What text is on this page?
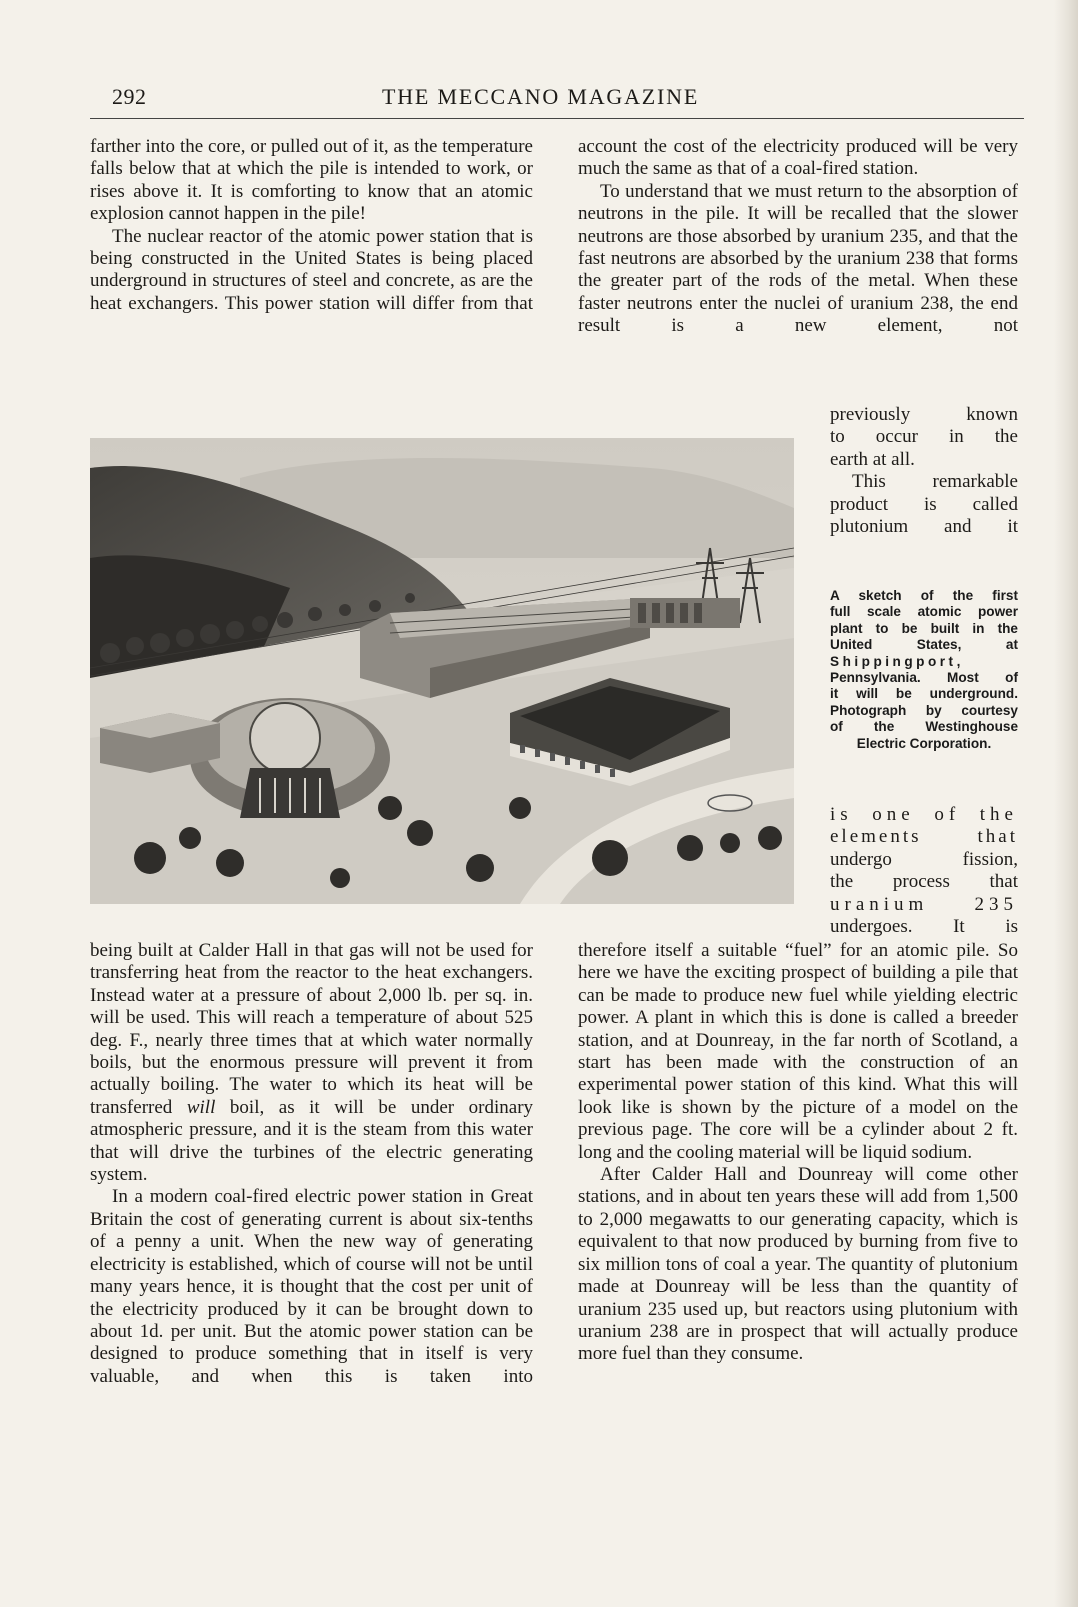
292	THE MECCANO MAGAZINE

farther into the core, or pulled out of it, as the temperature falls below that at which the pile is intended to work, or rises above it. It is comforting to know that an atomic explosion cannot happen in the pile!

The nuclear reactor of the atomic power station that is being constructed in the United States is being placed underground in structures of steel and concrete, as are the heat exchangers. This power station will differ from that

account the cost of the electricity produced will be very much the same as that of a coal-fired station.

To understand that we must return to the absorption of neutrons in the pile. It will be recalled that the slower neutrons are those absorbed by uranium 235, and that the fast neutrons are absorbed by the uranium 238 that forms the greater part of the rods of the metal. When these faster neutrons enter the nuclei of uranium 238, the end result is a new element, not

previously known
to occur in the
earth at all.
This remarkable
product is called
plutonium and it
A sketch of the first
full scale atomic power
plant to be built in the
United States, at
Shippingport,
Pennsylvania. Most of
it will be underground.
Photograph by courtesy
of the Westinghouse
Electric Corporation.
is one of the
elements that
undergo fission,
the process that
uranium 235
undergoes. It is

being built at Calder Hall in that gas will not be used for transferring heat from the reactor to the heat exchangers. Instead water at a pressure of about 2,000 lb. per sq. in. will be used. This will reach a temperature of about 525 deg. F., nearly three times that at which water normally boils, but the enormous pressure will prevent it from actually boiling. The water to which its heat will be transferred will boil, as it will be under ordinary atmospheric pressure, and it is the steam from this water that will drive the turbines of the electric generating system.

In a modern coal-fired electric power station in Great Britain the cost of generating current is about six-tenths of a penny a unit. When the new way of generating electricity is established, which of course will not be until many years hence, it is thought that the cost per unit of the electricity produced by it can be brought down to about 1d. per unit. But the atomic power station can be designed to produce something that in itself is very valuable, and when this is taken into

therefore itself a suitable “fuel” for an atomic pile. So here we have the exciting prospect of building a pile that can be made to produce new fuel while yielding electric power. A plant in which this is done is called a breeder station, and at Dounreay, in the far north of Scotland, a start has been made with the construction of an experimental power station of this kind. What this will look like is shown by the picture of a model on the previous page. The core will be a cylinder about 2 ft. long and the cooling material will be liquid sodium.

After Calder Hall and Dounreay will come other stations, and in about ten years these will add from 1,500 to 2,000 megawatts to our generating capacity, which is equivalent to that now produced by burning from five to six million tons of coal a year. The quantity of plutonium made at Dounreay will be less than the quantity of uranium 235 used up, but reactors using plutonium with uranium 238 are in prospect that will actually produce more fuel than they consume.
